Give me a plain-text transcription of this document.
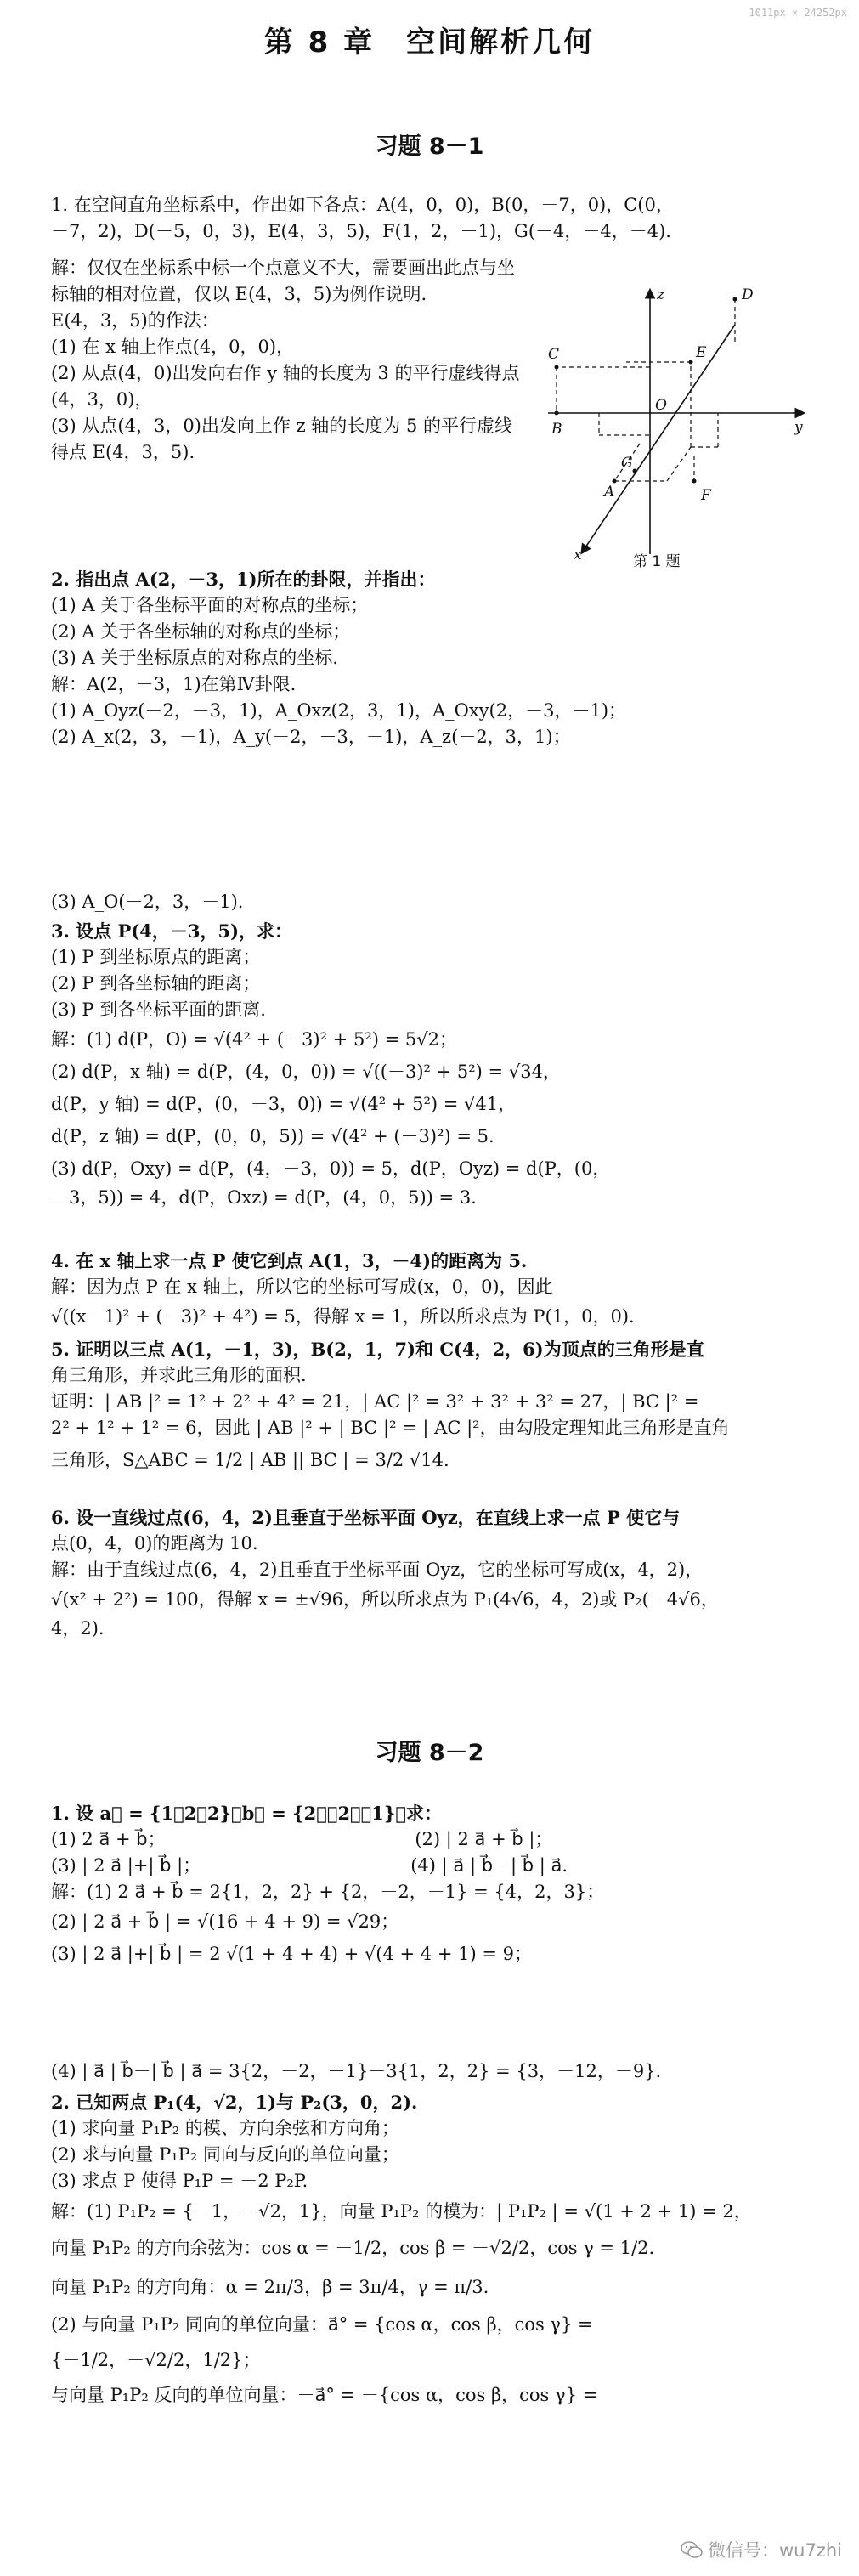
1011px × 24252px
第 8 章　空间解析几何
习题 8－1

1. 在空间直角坐标系中，作出如下各点：A(4，0，0)，B(0，－7，0)，C(0，

－7，2)，D(－5，0，3)，E(4，3，5)，F(1，2，－1)，G(－4，－4，－4).

解：仅仅在坐标系中标一个点意义不大，需要画出此点与坐标轴的相对位置，仅以 E(4，3，5)为例作说明.

E(4，3，5)的作法：

(1) 在 x 轴上作点(4，0，0)，

(2) 从点(4，0)出发向右作 y 轴的长度为 3 的平行虚线得点(4，3，0)，

(3) 从点(4，3，0)出发向上作 z 轴的长度为 5 的平行虚线得点 E(4，3，5).

z
y
x
O
B
C
D
E
F
G
A
第 1 题

2. 指出点 A(2，－3，1)所在的卦限，并指出：

(1) A 关于各坐标平面的对称点的坐标；

(2) A 关于各坐标轴的对称点的坐标；

(3) A 关于坐标原点的对称点的坐标.

解：A(2，－3，1)在第Ⅳ卦限.

(1) A_Oyz(－2，－3，1)，A_Oxz(2，3，1)，A_Oxy(2，－3，－1)；

(2) A_x(2，3，－1)，A_y(－2，－3，－1)，A_z(－2，3，1)；

(3) A_O(－2，3，－1).

3. 设点 P(4，－3，5)，求：

(1) P 到坐标原点的距离；

(2) P 到各坐标轴的距离；

(3) P 到各坐标平面的距离.

解：(1) d(P，O) = √(4² + (－3)² + 5²) = 5√2；

(2) d(P，x 轴) = d(P，(4，0，0)) = √((－3)² + 5²) = √34，

d(P，y 轴) = d(P，(0，－3，0)) = √(4² + 5²) = √41，

d(P，z 轴) = d(P，(0，0，5)) = √(4² + (－3)²) = 5.

(3) d(P，Oxy) = d(P，(4，－3，0)) = 5，d(P，Oyz) = d(P，(0，

－3，5)) = 4，d(P，Oxz) = d(P，(4，0，5)) = 3.

4. 在 x 轴上求一点 P 使它到点 A(1，3，－4)的距离为 5.

解：因为点 P 在 x 轴上，所以它的坐标可写成(x，0，0)，因此

√((x－1)² + (－3)² + 4²) = 5，得解 x = 1，所以所求点为 P(1，0，0).

5. 证明以三点 A(1，－1，3)，B(2，1，7)和 C(4，2，6)为顶点的三角形是直

角三角形，并求此三角形的面积.

证明：| AB |² = 1² + 2² + 4² = 21，| AC |² = 3² + 3² + 3² = 27，| BC |² =

2² + 1² + 1² = 6，因此 | AB |² + | BC |² = | AC |²，由勾股定理知此三角形是直角

三角形，S△ABC = 1/2 | AB || BC | = 3/2 √14.

6. 设一直线过点(6，4，2)且垂直于坐标平面 Oyz，在直线上求一点 P 使它与

点(0，4，0)的距离为 10.

解：由于直线过点(6，4，2)且垂直于坐标平面 Oyz，它的坐标可写成(x，4，2)，

√(x² + 2²) = 100，得解 x = ±√96，所以所求点为 P₁(4√6，4，2)或 P₂(－4√6，

4，2).

习题 8－2

1. 设 a⃗ = {1，2，2}，b⃗ = {2，－2，－1}，求：

(1) 2 a⃗ + b⃗；                                            (2) | 2 a⃗ + b⃗ |；

(3) | 2 a⃗ |+| b⃗ |；                                     (4) | a⃗ | b⃗－| b⃗ | a⃗.

解：(1) 2 a⃗ + b⃗ = 2{1，2，2} + {2，－2，－1} = {4，2，3}；

(2) | 2 a⃗ + b⃗ | = √(16 + 4 + 9) = √29；

(3) | 2 a⃗ |+| b⃗ | = 2 √(1 + 4 + 4) + √(4 + 4 + 1) = 9；

(4) | a⃗ | b⃗－| b⃗ | a⃗ = 3{2，－2，－1}－3{1，2，2} = {3，－12，－9}.

2. 已知两点 P₁(4，√2，1)与 P₂(3，0，2).

(1) 求向量 P₁P₂ 的模、方向余弦和方向角；

(2) 求与向量 P₁P₂ 同向与反向的单位向量；

(3) 求点 P 使得 P₁P = －2 P₂P.

解：(1) P₁P₂ = {－1，－√2，1}，向量 P₁P₂ 的模为：| P₁P₂ | = √(1 + 2 + 1) = 2，

向量 P₁P₂ 的方向余弦为：cos α = －1/2，cos β = －√2/2，cos γ = 1/2.

向量 P₁P₂ 的方向角：α = 2π/3，β = 3π/4，γ = π/3.

(2) 与向量 P₁P₂ 同向的单位向量：a⃗° = {cos α，cos β，cos γ} =

{－1/2，－√2/2，1/2}；

与向量 P₁P₂ 反向的单位向量：－a⃗° = －{cos α，cos β，cos γ} =

微信号：wu7zhi
